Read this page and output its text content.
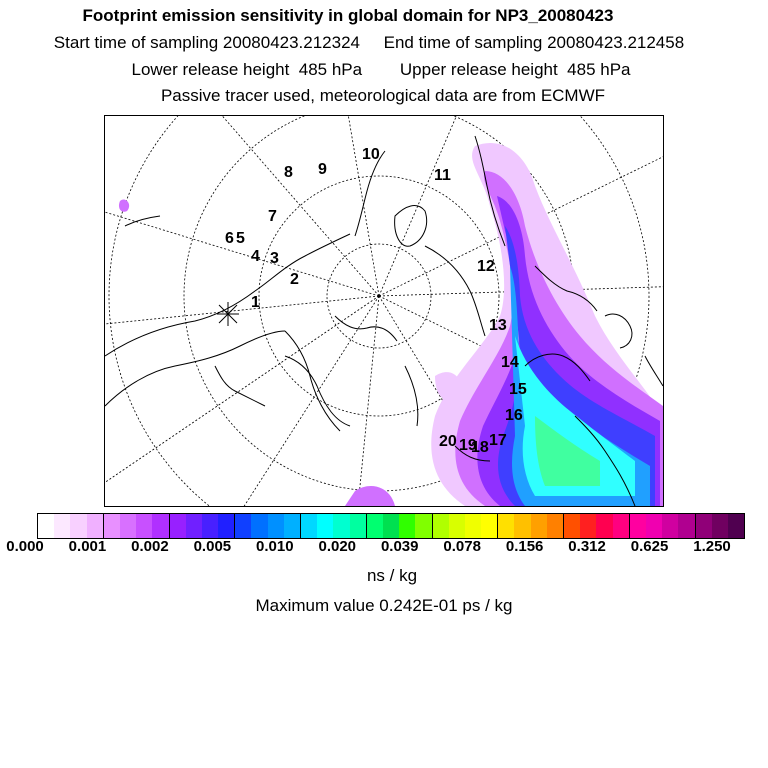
Footprint emission sensitivity in global domain for NP3_20080423
Start time of sampling 20080423.212324     End time of sampling 20080423.212458
Lower release height  485 hPa        Upper release height  485 hPa
Passive tracer used, meteorological data are from ECMWF
1
2
3
4
5
6
7
8 9
10
11
12
13
14
15
16
17
18
19
20
0.000 0.001 0.002 0.005 0.010 0.020 0.039 0.078 0.156 0.312 0.625 1.250
ns / kg
Maximum value 0.242E-01 ps / kg
